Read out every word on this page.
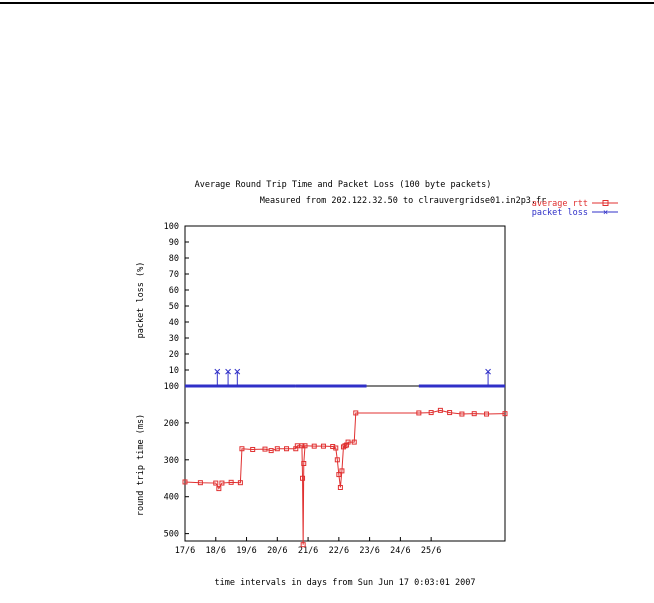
Average Round Trip Time and Packet Loss (100 byte packets)
Measured from 202.122.32.50 to clrauvergridse01.in2p3.fr
average rtt
packet loss ×
packet loss (%)
round trip time (ms)
time intervals in days from Sun Jun 17 0:03:01 2007
10
20
30
40
50
60
70
80
90
100
100
200
300
400
500
17/6 18/6 19/6 20/6 21/6 22/6 23/6 24/6 25/6
